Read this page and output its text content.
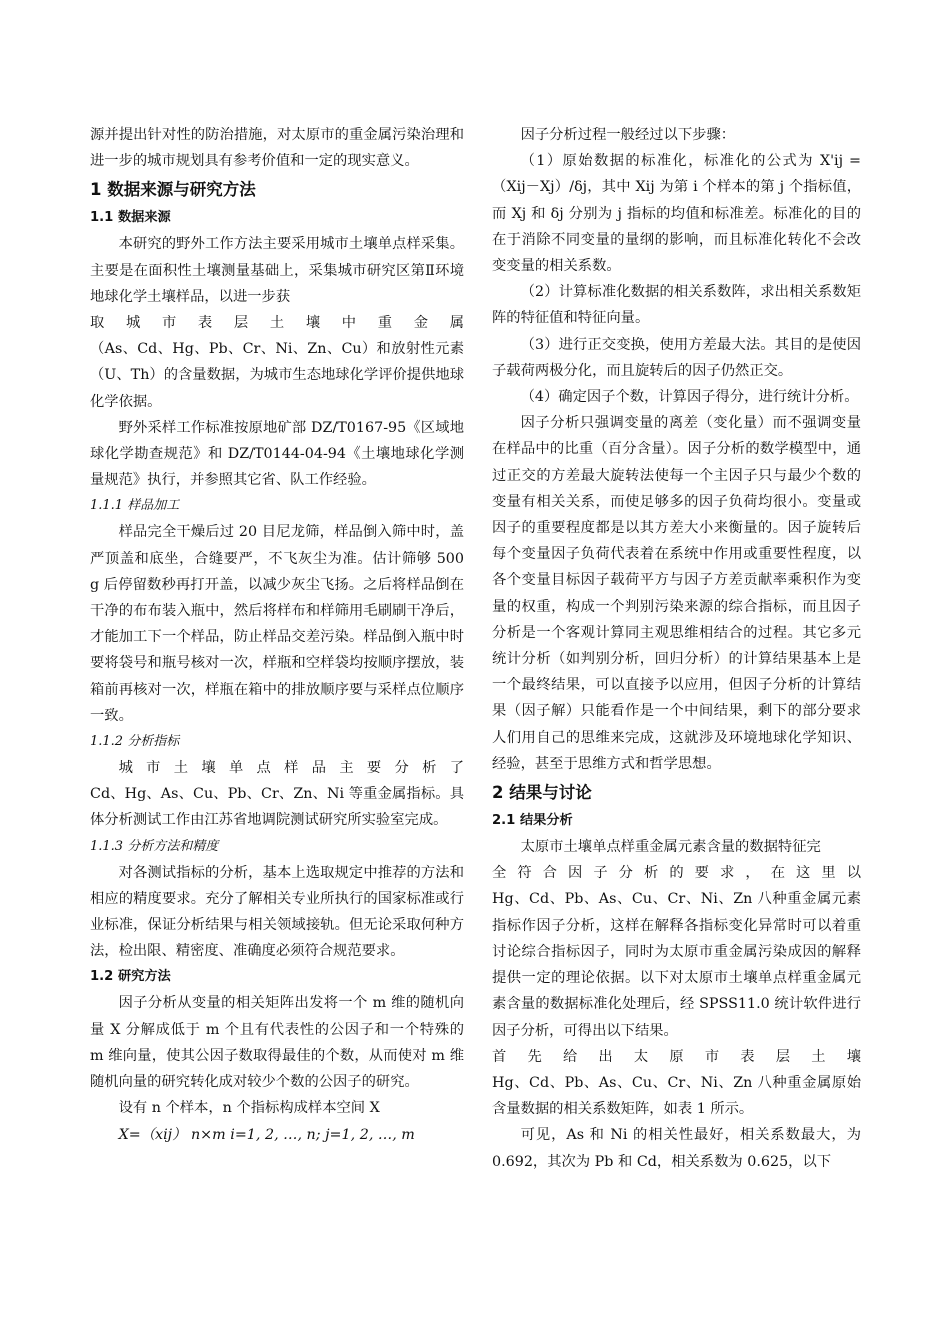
源并提出针对性的防治措施，对太原市的重金属污染治理和进一步的城市规划具有参考价值和一定的现实意义。

1 数据来源与研究方法
1.1 数据来源

本研究的野外工作方法主要采用城市土壤单点样采集。主要是在面积性土壤测量基础上，采集城市研究区第Ⅱ环境地球化学土壤样品，以进一步获

取城市表层土壤中重金属

（As、Cd、Hg、Pb、Cr、Ni、Zn、Cu）和放射性元素（U、Th）的含量数据，为城市生态地球化学评价提供地球化学依据。

野外采样工作标准按原地矿部 DZ/T0167-95《区域地球化学勘查规范》和 DZ/T0144-04-94《土壤地球化学测量规范》执行，并参照其它省、队工作经验。

1.1.1 样品加工

样品完全干燥后过 20 目尼龙筛，样品倒入筛中时，盖严顶盖和底坐，合缝要严，不飞灰尘为准。估计筛够 500 g 后停留数秒再打开盖，以减少灰尘飞扬。之后将样品倒在干净的布布装入瓶中，然后将样布和样筛用毛刷刷干净后，才能加工下一个样品，防止样品交差污染。样品倒入瓶中时要将袋号和瓶号核对一次，样瓶和空样袋均按顺序摆放，装箱前再核对一次，样瓶在箱中的排放顺序要与采样点位顺序一致。

1.1.2 分析指标

城市土壤单点样品主要分析了

Cd、Hg、As、Cu、Pb、Cr、Zn、Ni 等重金属指标。具体分析测试工作由江苏省地调院测试研究所实验室完成。

1.1.3 分析方法和精度

对各测试指标的分析，基本上选取规定中推荐的方法和相应的精度要求。充分了解相关专业所执行的国家标准或行业标准，保证分析结果与相关领域接轨。但无论采取何种方法，检出限、精密度、准确度必须符合规范要求。

1.2 研究方法

因子分析从变量的相关矩阵出发将一个 m 维的随机向量 X 分解成低于 m 个且有代表性的公因子和一个特殊的 m 维向量，使其公因子数取得最佳的个数，从而使对 m 维随机向量的研究转化成对较少个数的公因子的研究。

设有 n 个样本，n 个指标构成样本空间 X

X=（xij） n×m i=1, 2, …, n; j=1, 2, …, m

因子分析过程一般经过以下步骤：

（1）原始数据的标准化，标准化的公式为 X'ij =（Xij－Xj）/δj，其中 Xij 为第 i 个样本的第 j 个指标值，而 Xj 和 δj 分别为 j 指标的均值和标准差。标准化的目的在于消除不同变量的量纲的影响，而且标准化转化不会改变变量的相关系数。

（2）计算标准化数据的相关系数阵，求出相关系数矩阵的特征值和特征向量。

（3）进行正交变换，使用方差最大法。其目的是使因子载荷两极分化，而且旋转后的因子仍然正交。

（4）确定因子个数，计算因子得分，进行统计分析。

因子分析只强调变量的离差（变化量）而不强调变量在样品中的比重（百分含量）。因子分析的数学模型中，通过正交的方差最大旋转法使每一个主因子只与最少个数的变量有相关关系，而使足够多的因子负荷均很小。变量或因子的重要程度都是以其方差大小来衡量的。因子旋转后每个变量因子负荷代表着在系统中作用或重要性程度，以各个变量目标因子载荷平方与因子方差贡献率乘积作为变量的权重，构成一个判别污染来源的综合指标，而且因子分析是一个客观计算同主观思维相结合的过程。其它多元统计分析（如判别分析，回归分析）的计算结果基本上是一个最终结果，可以直接予以应用，但因子分析的计算结果（因子解）只能看作是一个中间结果，剩下的部分要求人们用自己的思维来完成，这就涉及环境地球化学知识、经验，甚至于思维方式和哲学思想。

2 结果与讨论
2.1 结果分析

太原市土壤单点样重金属元素含量的数据特征完

全符合因子分析的要求，在这里以

Hg、Cd、Pb、As、Cu、Cr、Ni、Zn 八种重金属元素指标作因子分析，这样在解释各指标变化异常时可以着重讨论综合指标因子，同时为太原市重金属污染成因的解释提供一定的理论依据。以下对太原市土壤单点样重金属元素含量的数据标准化处理后，经 SPSS11.0 统计软件进行因子分析，可得出以下结果。

首先给出太原市表层土壤

Hg、Cd、Pb、As、Cu、Cr、Ni、Zn 八种重金属原始含量数据的相关系数矩阵，如表 1 所示。

可见，As 和 Ni 的相关性最好，相关系数最大，为 0.692，其次为 Pb 和 Cd，相关系数为 0.625，以下
